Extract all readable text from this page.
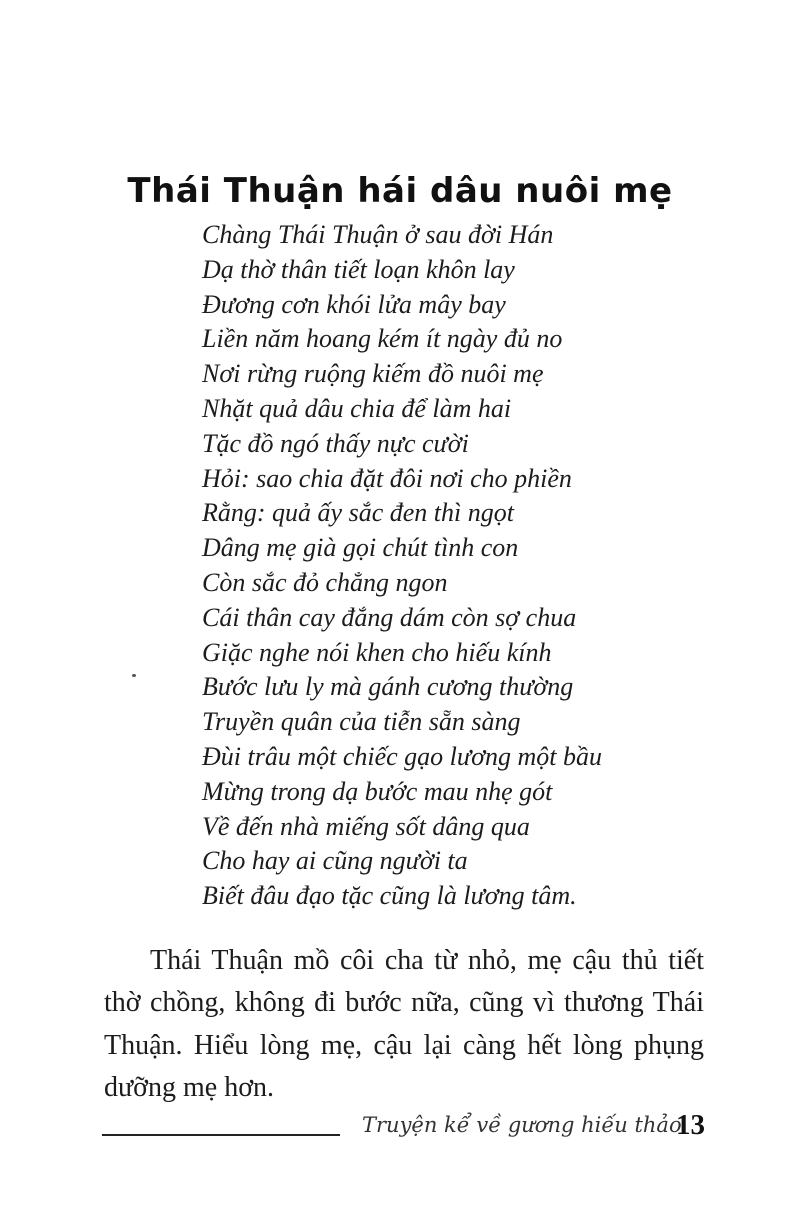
Thái Thuận hái dâu nuôi mẹ
Chàng Thái Thuận ở sau đời Hán
Dạ thờ thân tiết loạn khôn lay
Đương cơn khói lửa mây bay
Liền năm hoang kém ít ngày đủ no
Nơi rừng ruộng kiếm đồ nuôi mẹ
Nhặt quả dâu chia để làm hai
Tặc đồ ngó thấy nực cười
Hỏi: sao chia đặt đôi nơi cho phiền
Rằng: quả ấy sắc đen thì ngọt
Dâng mẹ già gọi chút tình con
Còn sắc đỏ chẳng ngon
Cái thân cay đắng dám còn sợ chua
Giặc nghe nói khen cho hiếu kính
Bước lưu ly mà gánh cương thường
Truyền quân của tiễn sẵn sàng
Đùi trâu một chiếc gạo lương một bầu
Mừng trong dạ bước mau nhẹ gót
Về đến nhà miếng sốt dâng qua
Cho hay ai cũng người ta
Biết đâu đạo tặc cũng là lương tâm.

Thái Thuận mồ côi cha từ nhỏ, mẹ cậu thủ tiết thờ chồng, không đi bước nữa, cũng vì thương Thái Thuận. Hiểu lòng mẹ, cậu lại càng hết lòng phụng dưỡng mẹ hơn.

Truyện kể về gương hiếu thảo
13
